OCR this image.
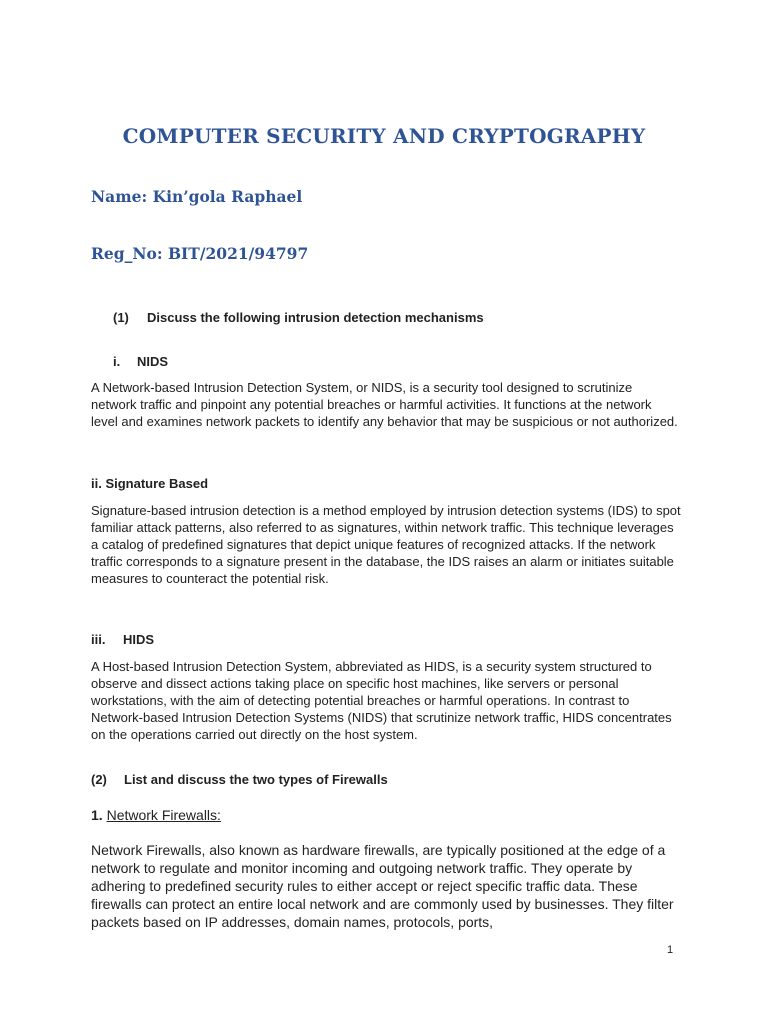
COMPUTER SECURITY AND CRYPTOGRAPHY
Name: Kin’gola Raphael
Reg_No: BIT/2021/94797
(1) Discuss the following intrusion detection mechanisms
i. NIDS
A Network-based Intrusion Detection System, or NIDS, is a security tool designed to scrutinize network traffic and pinpoint any potential breaches or harmful activities. It functions at the network level and examines network packets to identify any behavior that may be suspicious or not authorized.
ii. Signature Based
Signature-based intrusion detection is a method employed by intrusion detection systems (IDS) to spot familiar attack patterns, also referred to as signatures, within network traffic. This technique leverages a catalog of predefined signatures that depict unique features of recognized attacks. If the network traffic corresponds to a signature present in the database, the IDS raises an alarm or initiates suitable measures to counteract the potential risk.
iii. HIDS
A Host-based Intrusion Detection System, abbreviated as HIDS, is a security system structured to observe and dissect actions taking place on specific host machines, like servers or personal workstations, with the aim of detecting potential breaches or harmful operations. In contrast to Network-based Intrusion Detection Systems (NIDS) that scrutinize network traffic, HIDS concentrates on the operations carried out directly on the host system.
(2) List and discuss the two types of Firewalls
1. Network Firewalls:
Network Firewalls, also known as hardware firewalls, are typically positioned at the edge of a network to regulate and monitor incoming and outgoing network traffic. They operate by adhering to predefined security rules to either accept or reject specific traffic data. These firewalls can protect an entire local network and are commonly used by businesses. They filter packets based on IP addresses, domain names, protocols, ports,
1
